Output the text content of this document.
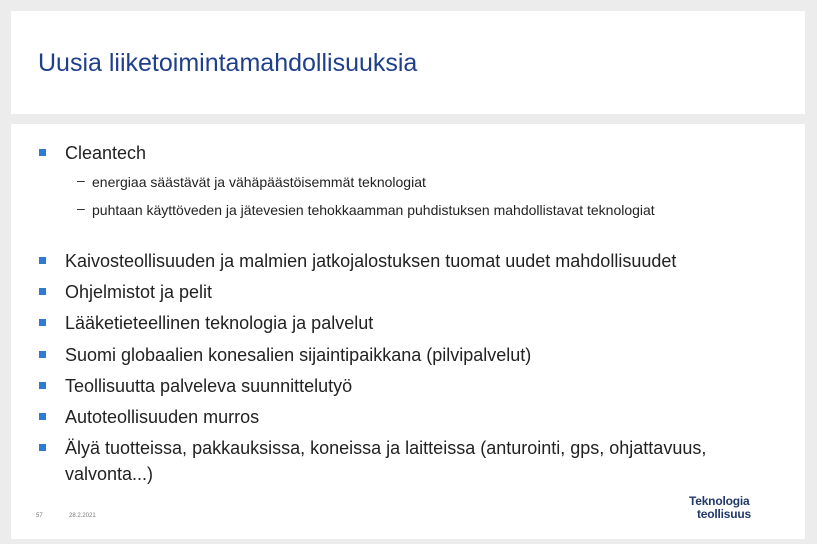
Uusia liiketoimintamahdollisuuksia
Cleantech
– energiaa säästävät ja vähäpäästöisemmät teknologiat
– puhtaan käyttöveden ja jätevesien tehokkaamman puhdistuksen mahdollistavat teknologiat
Kaivosteollisuuden ja malmien jatkojalostuksen tuomat uudet mahdollisuudet
Ohjelmistot ja pelit
Lääketieteellinen teknologia ja palvelut
Suomi globaalien konesalien sijaintipaikkana (pilvipalvelut)
Teollisuutta palveleva suunnittelutyö
Autoteollisuuden murros
Älyä tuotteissa, pakkauksissa, koneissa ja laitteissa (anturointi, gps, ohjattavuus, valvonta...)
57	28.2.2021
Teknologia
teollisuus
